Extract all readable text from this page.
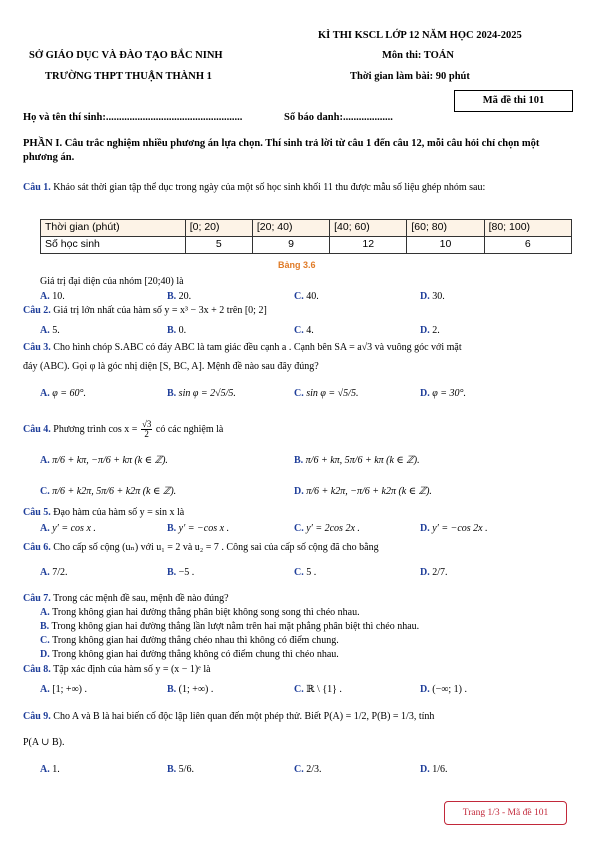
KÌ THI KSCL LỚP 12 NĂM HỌC 2024-2025
SỞ GIÁO DỤC VÀ ĐÀO TẠO BẮC NINH	Môn thi: TOÁN
TRƯỜNG THPT THUẬN THÀNH 1	Thời gian làm bài: 90 phút
Mã đề thi 101
Họ và tên thí sinh:....................................................	Số báo danh:...................
PHẦN I. Câu trắc nghiệm nhiều phương án lựa chọn. Thí sinh trả lời từ câu 1 đến câu 12, mỗi câu hỏi chỉ chọn một phương án.
Câu 1. Khảo sát thời gian tập thể dục trong ngày của một số học sinh khối 11 thu được mẫu số liệu ghép nhóm sau:
Thời gian (phút)	[0; 20)	[20; 40)	[40; 60)	[60; 80)	[80; 100)
Số học sinh	5	9	12	10	6
Bảng 3.6
Giá trị đại diện của nhóm [20;40) là
A. 10.	B. 20.	C. 40.	D. 30.
Câu 2. Giá trị lớn nhất của hàm số y = x³ − 3x + 2 trên [0; 2]
A. 5.	B. 0.	C. 4.	D. 2.
Câu 3. Cho hình chóp S.ABC có đáy ABC là tam giác đều cạnh a . Cạnh bên SA = a√3 và vuông góc với mặt
đáy (ABC). Gọi φ là góc nhị diện [S, BC, A]. Mệnh đề nào sau đây đúng?
A. φ = 60°.	B. sin φ = 2√5/5.	C. sin φ = √5/5.	D. φ = 30°.
Câu 4. Phương trình $\cos x = \frac{√3}{2}$ có các nghiệm là
A. π/6 + kπ, −π/6 + kπ (k ∈ ℤ).	B. π/6 + kπ, 5π/6 + kπ (k ∈ ℤ).
C. π/6 + k2π, 5π/6 + k2π (k ∈ ℤ).	D. π/6 + k2π, −π/6 + k2π (k ∈ ℤ).
Câu 5. Đạo hàm của hàm số y = sin x là
A. y′ = cos x .	B. y′ = −cos x .	C. y′ = 2cos 2x .	D. y′ = −cos 2x .
Câu 6. Cho cấp số cộng (uₙ) với u₁ = 2 và u₂ = 7 . Công sai của cấp số cộng đã cho bằng
A. 7/2.	B. −5 .	C. 5 .	D. 2/7.
Câu 7. Trong các mệnh đề sau, mệnh đề nào đúng?
A. Trong không gian hai đường thẳng phân biệt không song song thì chéo nhau.
B. Trong không gian hai đường thẳng lần lượt nằm trên hai mặt phẳng phân biệt thì chéo nhau.
C. Trong không gian hai đường thẳng chéo nhau thì không có điểm chung.
D. Trong không gian hai đường thẳng không có điểm chung thì chéo nhau.
Câu 8. Tập xác định của hàm số y = (x − 1)ᵉ là
A. [1; +∞) .	B. (1; +∞) .	C. ℝ \ {1} .	D. (−∞; 1) .
Câu 9. Cho A và B là hai biến cố độc lập liên quan đến một phép thử. Biết P(A) = 1/2, P(B) = 1/3, tính
P(A ∪ B).
A. 1.	B. 5/6.	C. 2/3.	D. 1/6.
Trang 1/3 - Mã đề 101
